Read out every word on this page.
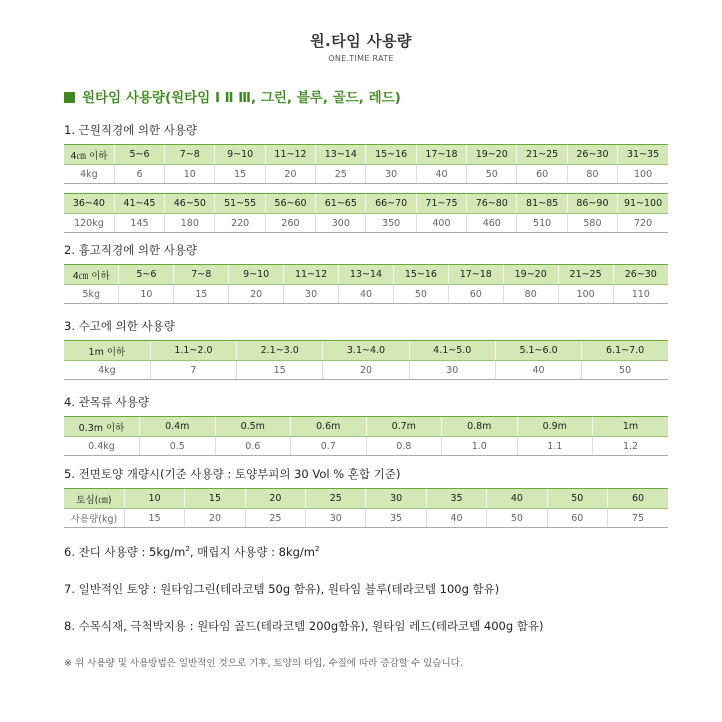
원.타임 사용량
ONE.TIME RATE
원타임 사용량(원타임 Ⅰ Ⅱ Ⅲ, 그린, 블루, 골드, 레드)
1. 근원직경에 의한 사용량
4㎝ 이하	5~6	7~8	9~10	11~12	13~14	15~16	17~18	19~20	21~25	26~30	31~35
4kg	6	10	15	20	25	30	40	50	60	80	100
36~40	41~45	46~50	51~55	56~60	61~65	66~70	71~75	76~80	81~85	86~90	91~100
120kg	145	180	220	260	300	350	400	460	510	580	720
2. 흉고직경에 의한 사용량
4㎝ 이하	5~6	7~8	9~10	11~12	13~14	15~16	17~18	19~20	21~25	26~30
5kg	10	15	20	30	40	50	60	80	100	110
3. 수고에 의한 사용량
1m 이하	1.1~2.0	2.1~3.0	3.1~4.0	4.1~5.0	5.1~6.0	6.1~7.0
4kg	7	15	20	30	40	50
4. 관목류 사용량
0.3m 이하	0.4m	0.5m	0.6m	0.7m	0.8m	0.9m	1m
0.4kg	0.5	0.6	0.7	0.8	1.0	1.1	1.2
5. 전면토양 개량시(기준 사용량 : 토양부피의 30 Vol % 혼합 기준)
토심(㎝)	10	15	20	25	30	35	40	50	60
사용량(kg)	15	20	25	30	35	40	50	60	75
6. 잔디 사용량 : $5kg/m^2$, 매립지 사용량 : $8kg/m^2$
7. 일반적인 토양 : 원타임그린(테라코템 50g 함유), 원타임 블루(테라코템 100g 함유)
8. 수목식재, 극척박지용 : 원타임 골드(테라코템 200g함유), 원타임 레드(테라코템 400g 함유)
※ 위 사용량 및 사용방법은 일반적인 것으로 기후, 토양의 타입, 수질에 따라 증감할 수 있습니다.
